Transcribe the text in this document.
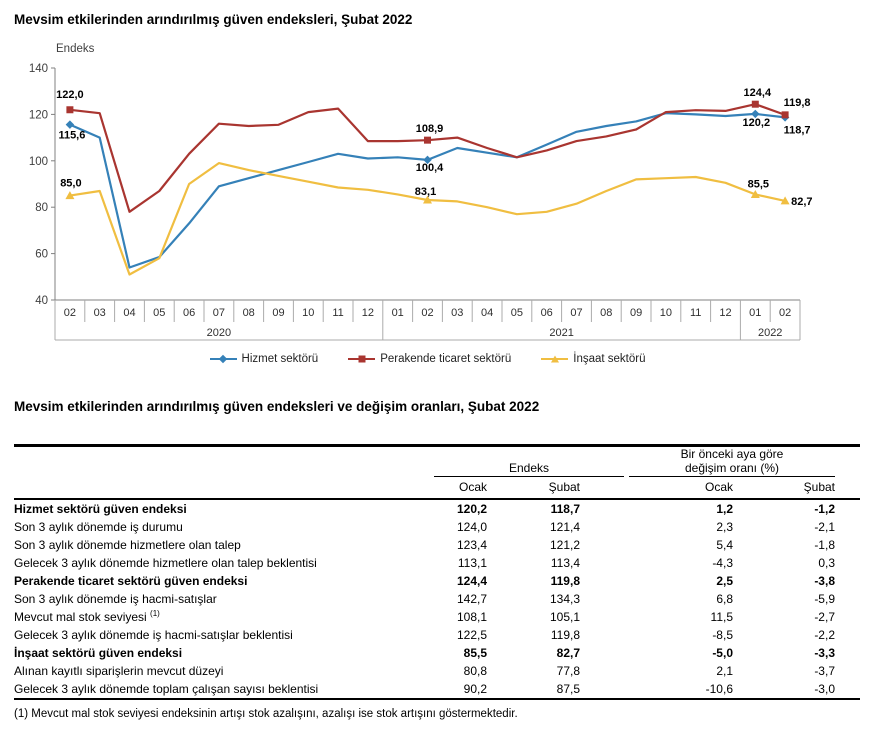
Mevsim etkilerinden arındırılmış güven endeksleri, Şubat 2022
140
120
100
80
60
40
Endeks
02 03 04 05 06 07 08 09 10 11 12 01 02 03 04 05 06 07 08 09 10 11 12 01 02
2020	2021	2022
115,6
100,4
120,2
118,7
122,0
108,9
124,4
119,8
85,0
83,1
85,5
82,7
Hizmet sektörü	Perakende ticaret sektörü	İnşaat sektörü
Mevsim etkilerinden arındırılmış güven endeksleri ve değişim oranları, Şubat 2022

	Endeks		Bir önceki aya göre
değişim oranı (%)		

	Ocak	Şubat	Ocak	Şubat	
Hizmet sektörü güven endeksi	120,2	118,7	1,2	-1,2	
Son 3 aylık dönemde iş durumu	124,0	121,4	2,3	-2,1	
Son 3 aylık dönemde hizmetlere olan talep	123,4	121,2	5,4	-1,8	
Gelecek 3 aylık dönemde hizmetlere olan talep beklentisi	113,1	113,4	-4,3	0,3	
Perakende ticaret sektörü güven endeksi	124,4	119,8	2,5	-3,8	
Son 3 aylık dönemde iş hacmi-satışlar	142,7	134,3	6,8	-5,9	
Mevcut mal stok seviyesi $^{(1)}$	108,1	105,1	11,5	-2,7	
Gelecek 3 aylık dönemde iş hacmi-satışlar beklentisi	122,5	119,8	-8,5	-2,2	
İnşaat sektörü güven endeksi	85,5	82,7	-5,0	-3,3	
Alınan kayıtlı siparişlerin mevcut düzeyi	80,8	77,8	2,1	-3,7	
Gelecek 3 aylık dönemde toplam çalışan sayısı beklentisi	90,2	87,5	-10,6	-3,0	
(1) Mevcut mal stok seviyesi endeksinin artışı stok azalışını, azalışı ise stok artışını göstermektedir.
